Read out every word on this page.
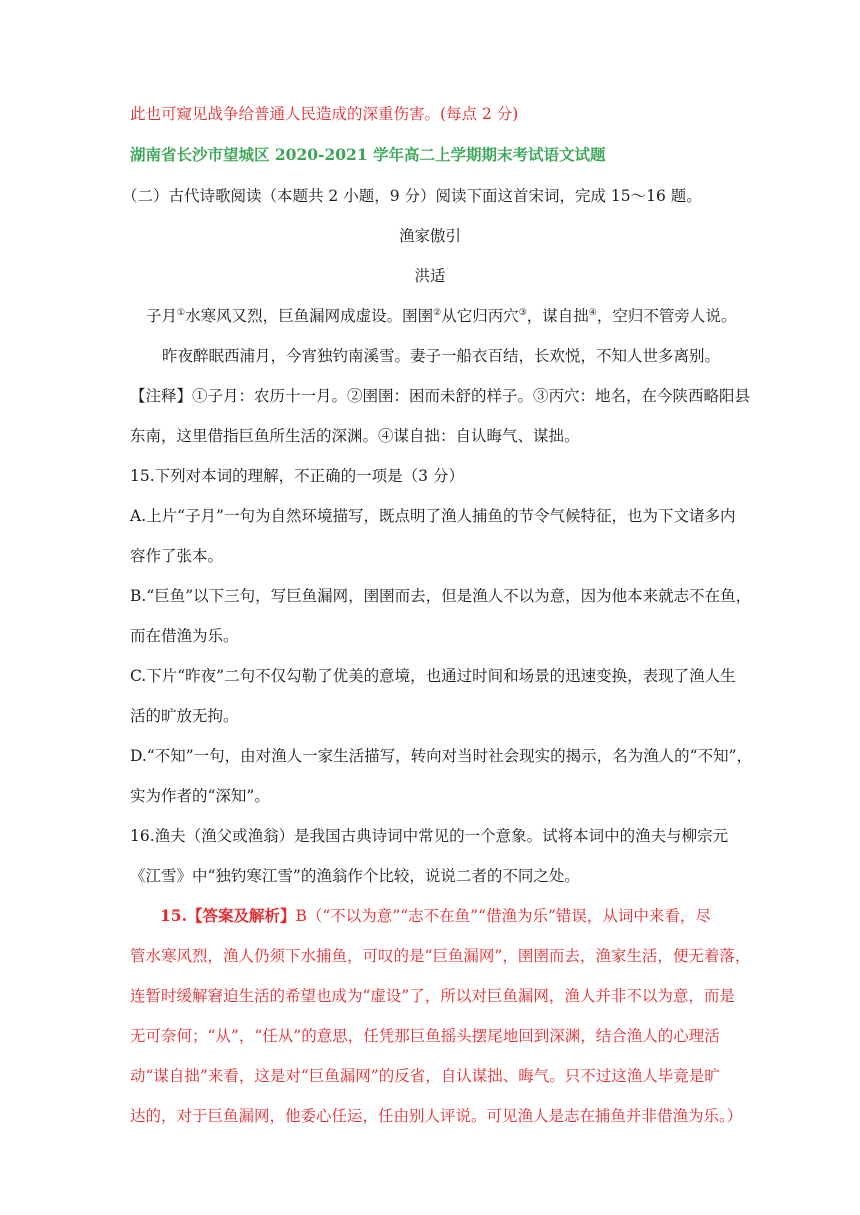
此也可窥见战争给普通人民造成的深重伤害。(每点 2 分)
湖南省长沙市望城区 2020-2021 学年高二上学期期末考试语文试题
（二）古代诗歌阅读（本题共 2 小题，9 分）阅读下面这首宋词，完成 15～16 题。
渔家傲引
洪适
子月①水寒风又烈，巨鱼漏网成虚设。圉圉②从它归丙穴③，谋自拙④，空归不管旁人说。
昨夜醉眠西浦月，今宵独钓南溪雪。妻子一船衣百结，长欢悦，不知人世多离别。
【注释】①子月：农历十一月。②圉圉：困而未舒的样子。③丙穴：地名，在今陕西略阳县
东南，这里借指巨鱼所生活的深渊。④谋自拙：自认晦气、谋拙。
15.下列对本词的理解，不正确的一项是（3 分）
A.上片“子月”一句为自然环境描写，既点明了渔人捕鱼的节令气候特征，也为下文诸多内
容作了张本。
B.“巨鱼”以下三句，写巨鱼漏网，圉圉而去，但是渔人不以为意，因为他本来就志不在鱼，
而在借渔为乐。
C.下片“昨夜”二句不仅勾勒了优美的意境，也通过时间和场景的迅速变换，表现了渔人生
活的旷放无拘。
D.“不知”一句，由对渔人一家生活描写，转向对当时社会现实的揭示，名为渔人的“不知”，
实为作者的“深知”。
16.渔夫（渔父或渔翁）是我国古典诗词中常见的一个意象。试将本词中的渔夫与柳宗元
《江雪》中“独钓寒江雪”的渔翁作个比较，说说二者的不同之处。
15.【答案及解析】B（“不以为意”“志不在鱼”“借渔为乐”错误，从词中来看，尽
管水寒风烈，渔人仍须下水捕鱼，可叹的是“巨鱼漏网”，圉圉而去，渔家生活，便无着落，
连暂时缓解窘迫生活的希望也成为“虚设”了，所以对巨鱼漏网，渔人并非不以为意，而是
无可奈何；“从”，“任从”的意思，任凭那巨鱼摇头摆尾地回到深渊，结合渔人的心理活
动“谋自拙”来看，这是对“巨鱼漏网”的反省，自认谋拙、晦气。只不过这渔人毕竟是旷
达的，对于巨鱼漏网，他委心任运，任由别人评说。可见渔人是志在捕鱼并非借渔为乐。）
